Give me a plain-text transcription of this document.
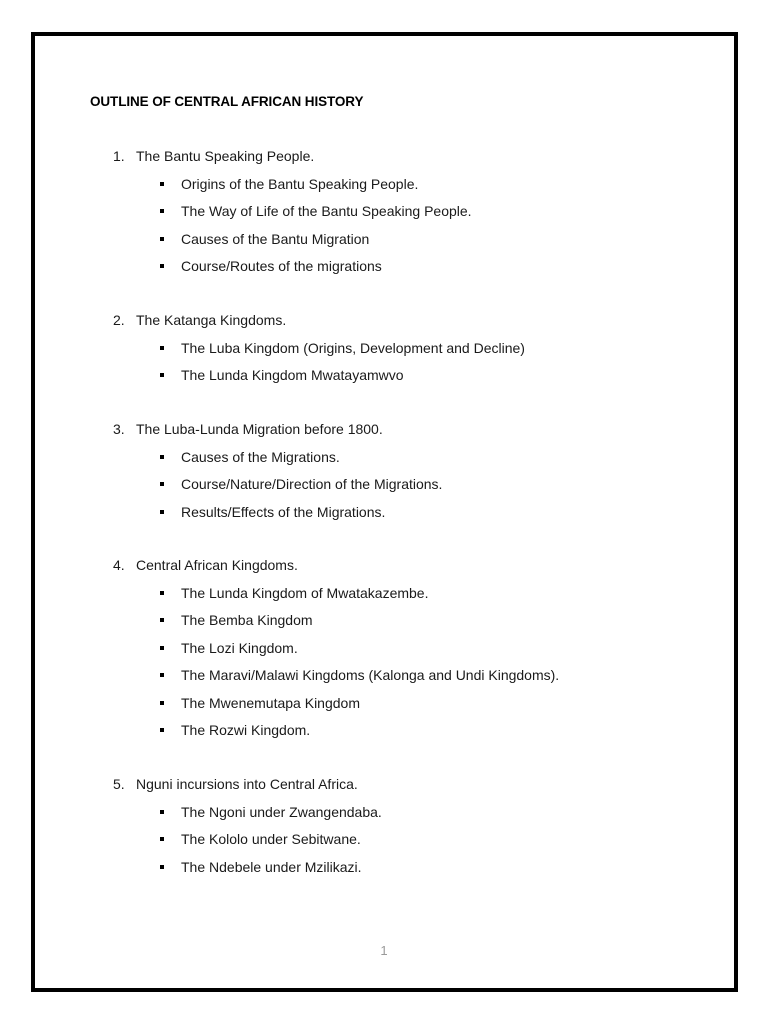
OUTLINE OF CENTRAL AFRICAN HISTORY
1. The Bantu Speaking People.
Origins of the Bantu Speaking People.
The Way of Life of the Bantu Speaking People.
Causes of the Bantu Migration
Course/Routes of the migrations
2. The Katanga Kingdoms.
The Luba Kingdom (Origins, Development and Decline)
The Lunda Kingdom Mwatayamwvo
3. The Luba-Lunda Migration before 1800.
Causes of the Migrations.
Course/Nature/Direction of the Migrations.
Results/Effects of the Migrations.
4. Central African Kingdoms.
The Lunda Kingdom of Mwatakazembe.
The Bemba Kingdom
The Lozi Kingdom.
The Maravi/Malawi Kingdoms (Kalonga and Undi Kingdoms).
The Mwenemutapa Kingdom
The Rozwi Kingdom.
5. Nguni incursions into Central Africa.
The Ngoni under Zwangendaba.
The Kololo under Sebitwane.
The Ndebele under Mzilikazi.
1
